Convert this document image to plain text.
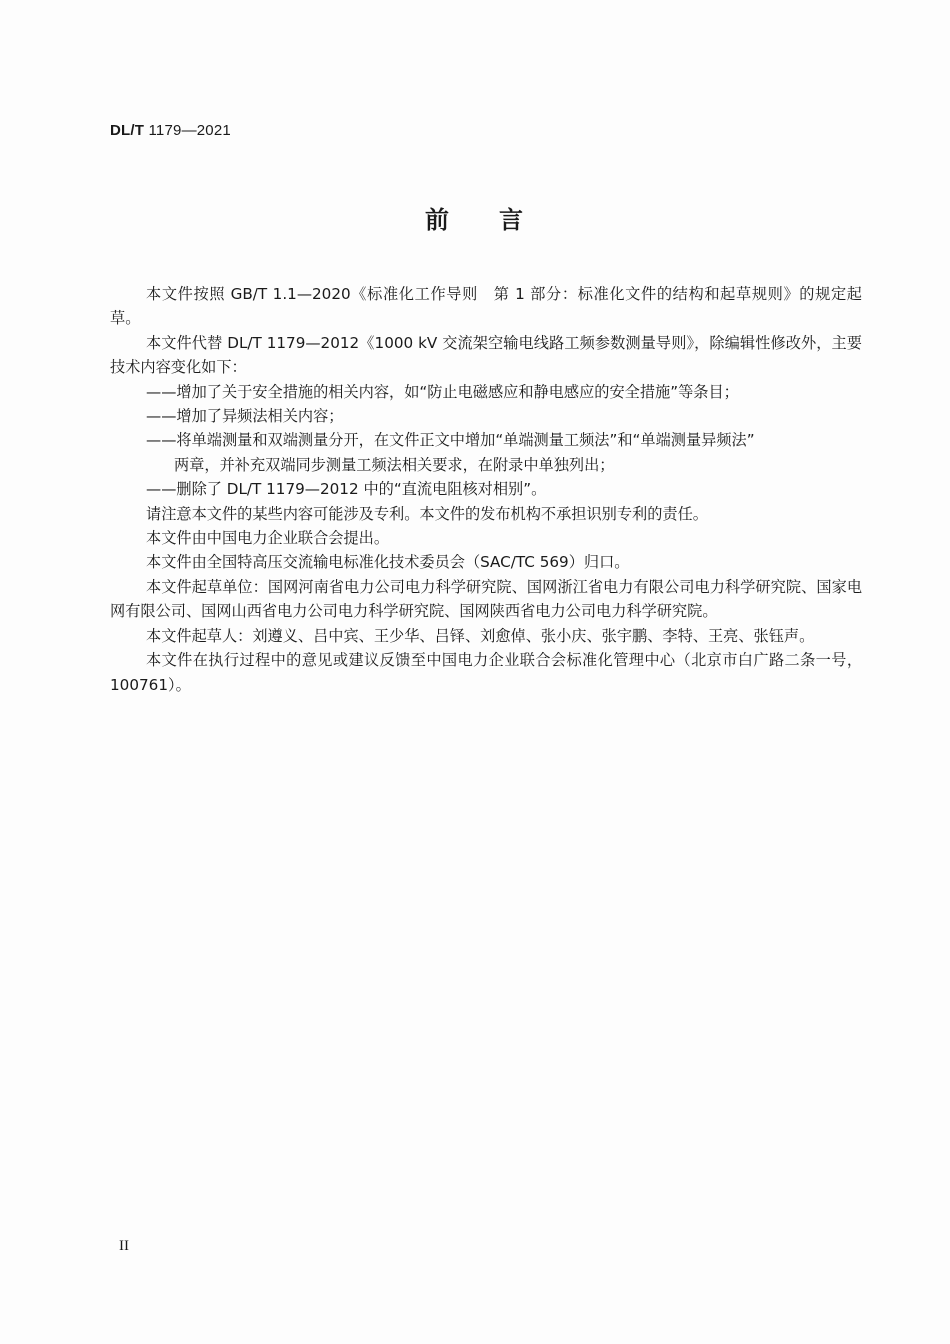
DL/T 1179—2021
前 言

本文件按照 GB/T 1.1—2020《标准化工作导则　第 1 部分：标准化文件的结构和起草规则》的规定起草。

本文件代替 DL/T 1179—2012《1000 kV 交流架空输电线路工频参数测量导则》，除编辑性修改外，主要技术内容变化如下：

——增加了关于安全措施的相关内容，如“防止电磁感应和静电感应的安全措施”等条目；

——增加了异频法相关内容；

——将单端测量和双端测量分开，在文件正文中增加“单端测量工频法”和“单端测量异频法”
两章，并补充双端同步测量工频法相关要求，在附录中单独列出；

——删除了 DL/T 1179—2012 中的“直流电阻核对相别”。

请注意本文件的某些内容可能涉及专利。本文件的发布机构不承担识别专利的责任。

本文件由中国电力企业联合会提出。

本文件由全国特高压交流输电标准化技术委员会（SAC/TC 569）归口。

本文件起草单位：国网河南省电力公司电力科学研究院、国网浙江省电力有限公司电力科学研究院、国家电网有限公司、国网山西省电力公司电力科学研究院、国网陕西省电力公司电力科学研究院。

本文件起草人：刘遵义、吕中宾、王少华、吕铎、刘愈倬、张小庆、张宇鹏、李特、王亮、张钰声。

本文件在执行过程中的意见或建议反馈至中国电力企业联合会标准化管理中心（北京市白广路二条一号，100761）。

II
